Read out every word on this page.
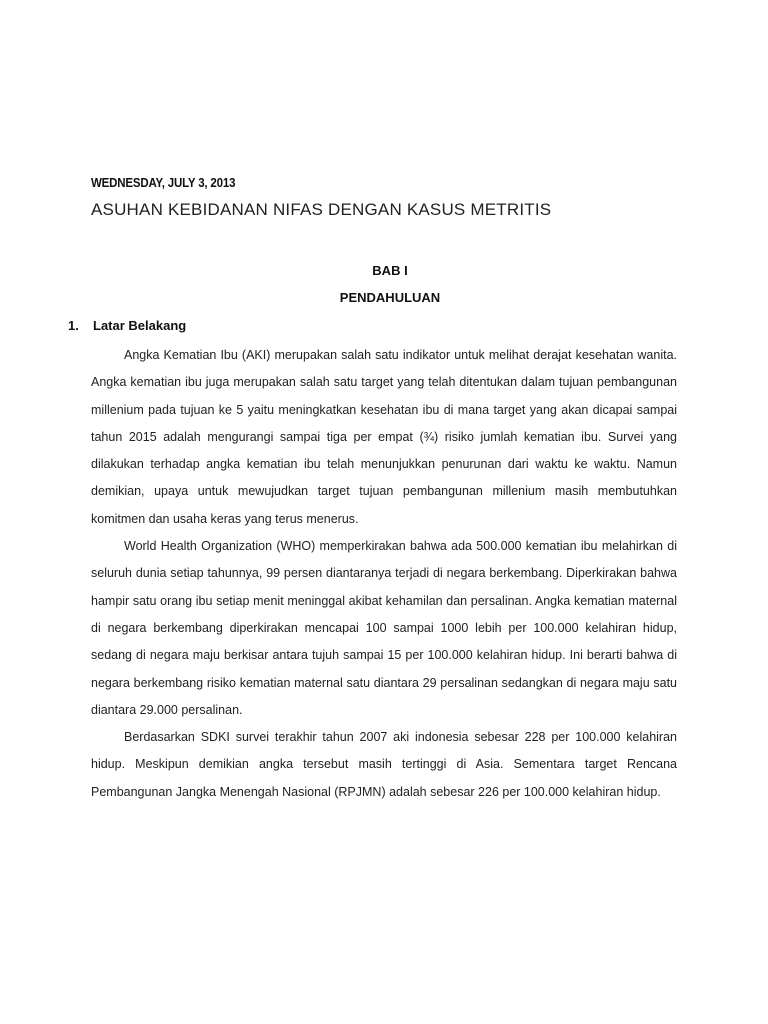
WEDNESDAY, JULY 3, 2013
ASUHAN KEBIDANAN NIFAS DENGAN KASUS METRITIS
BAB I
PENDAHULUAN
1. Latar Belakang

Angka Kematian Ibu (AKI) merupakan salah satu indikator untuk melihat derajat kesehatan wanita. Angka kematian ibu juga merupakan salah satu target yang telah ditentukan dalam tujuan pembangunan millenium pada tujuan ke 5 yaitu meningkatkan kesehatan ibu di mana target yang akan dicapai sampai tahun 2015 adalah mengurangi sampai tiga per empat (¾) risiko jumlah kematian ibu. Survei yang dilakukan terhadap angka kematian ibu telah menunjukkan penurunan dari waktu ke waktu. Namun demikian, upaya untuk mewujudkan target tujuan pembangunan millenium masih membutuhkan komitmen dan usaha keras yang terus menerus.

World Health Organization (WHO) memperkirakan bahwa ada 500.000 kematian ibu melahirkan di seluruh dunia setiap tahunnya, 99 persen diantaranya terjadi di negara berkembang. Diperkirakan bahwa hampir satu orang ibu setiap menit meninggal akibat kehamilan dan persalinan. Angka kematian maternal di negara berkembang diperkirakan mencapai 100 sampai 1000 lebih per 100.000 kelahiran hidup, sedang di negara maju berkisar antara tujuh sampai 15 per 100.000 kelahiran hidup. Ini berarti bahwa di negara berkembang risiko kematian maternal satu diantara 29 persalinan sedangkan di negara maju satu diantara 29.000 persalinan.

Berdasarkan SDKI survei terakhir tahun 2007 aki indonesia sebesar 228 per 100.000 kelahiran hidup. Meskipun demikian angka tersebut masih tertinggi di Asia. Sementara target Rencana Pembangunan Jangka Menengah Nasional (RPJMN) adalah sebesar 226 per 100.000 kelahiran hidup.
